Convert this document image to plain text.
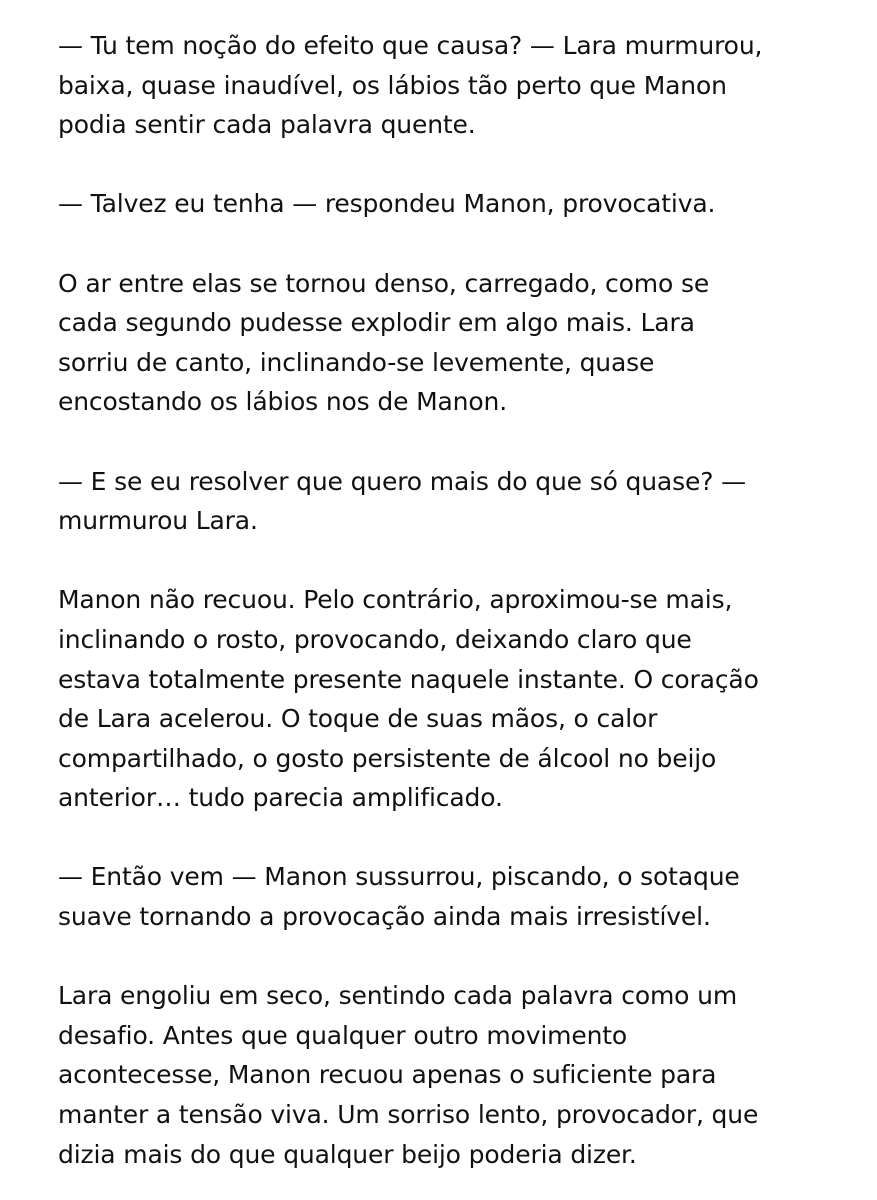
— Tu tem noção do efeito que causa? — Lara murmurou,
baixa, quase inaudível, os lábios tão perto que Manon
podia sentir cada palavra quente.

— Talvez eu tenha — respondeu Manon, provocativa.

O ar entre elas se tornou denso, carregado, como se
cada segundo pudesse explodir em algo mais. Lara
sorriu de canto, inclinando-se levemente, quase
encostando os lábios nos de Manon.

— E se eu resolver que quero mais do que só quase? —
murmurou Lara.

Manon não recuou. Pelo contrário, aproximou-se mais,
inclinando o rosto, provocando, deixando claro que
estava totalmente presente naquele instante. O coração
de Lara acelerou. O toque de suas mãos, o calor
compartilhado, o gosto persistente de álcool no beijo
anterior… tudo parecia amplificado.

— Então vem — Manon sussurrou, piscando, o sotaque
suave tornando a provocação ainda mais irresistível.

Lara engoliu em seco, sentindo cada palavra como um
desafio. Antes que qualquer outro movimento
acontecesse, Manon recuou apenas o suficiente para
manter a tensão viva. Um sorriso lento, provocador, que
dizia mais do que qualquer beijo poderia dizer.
